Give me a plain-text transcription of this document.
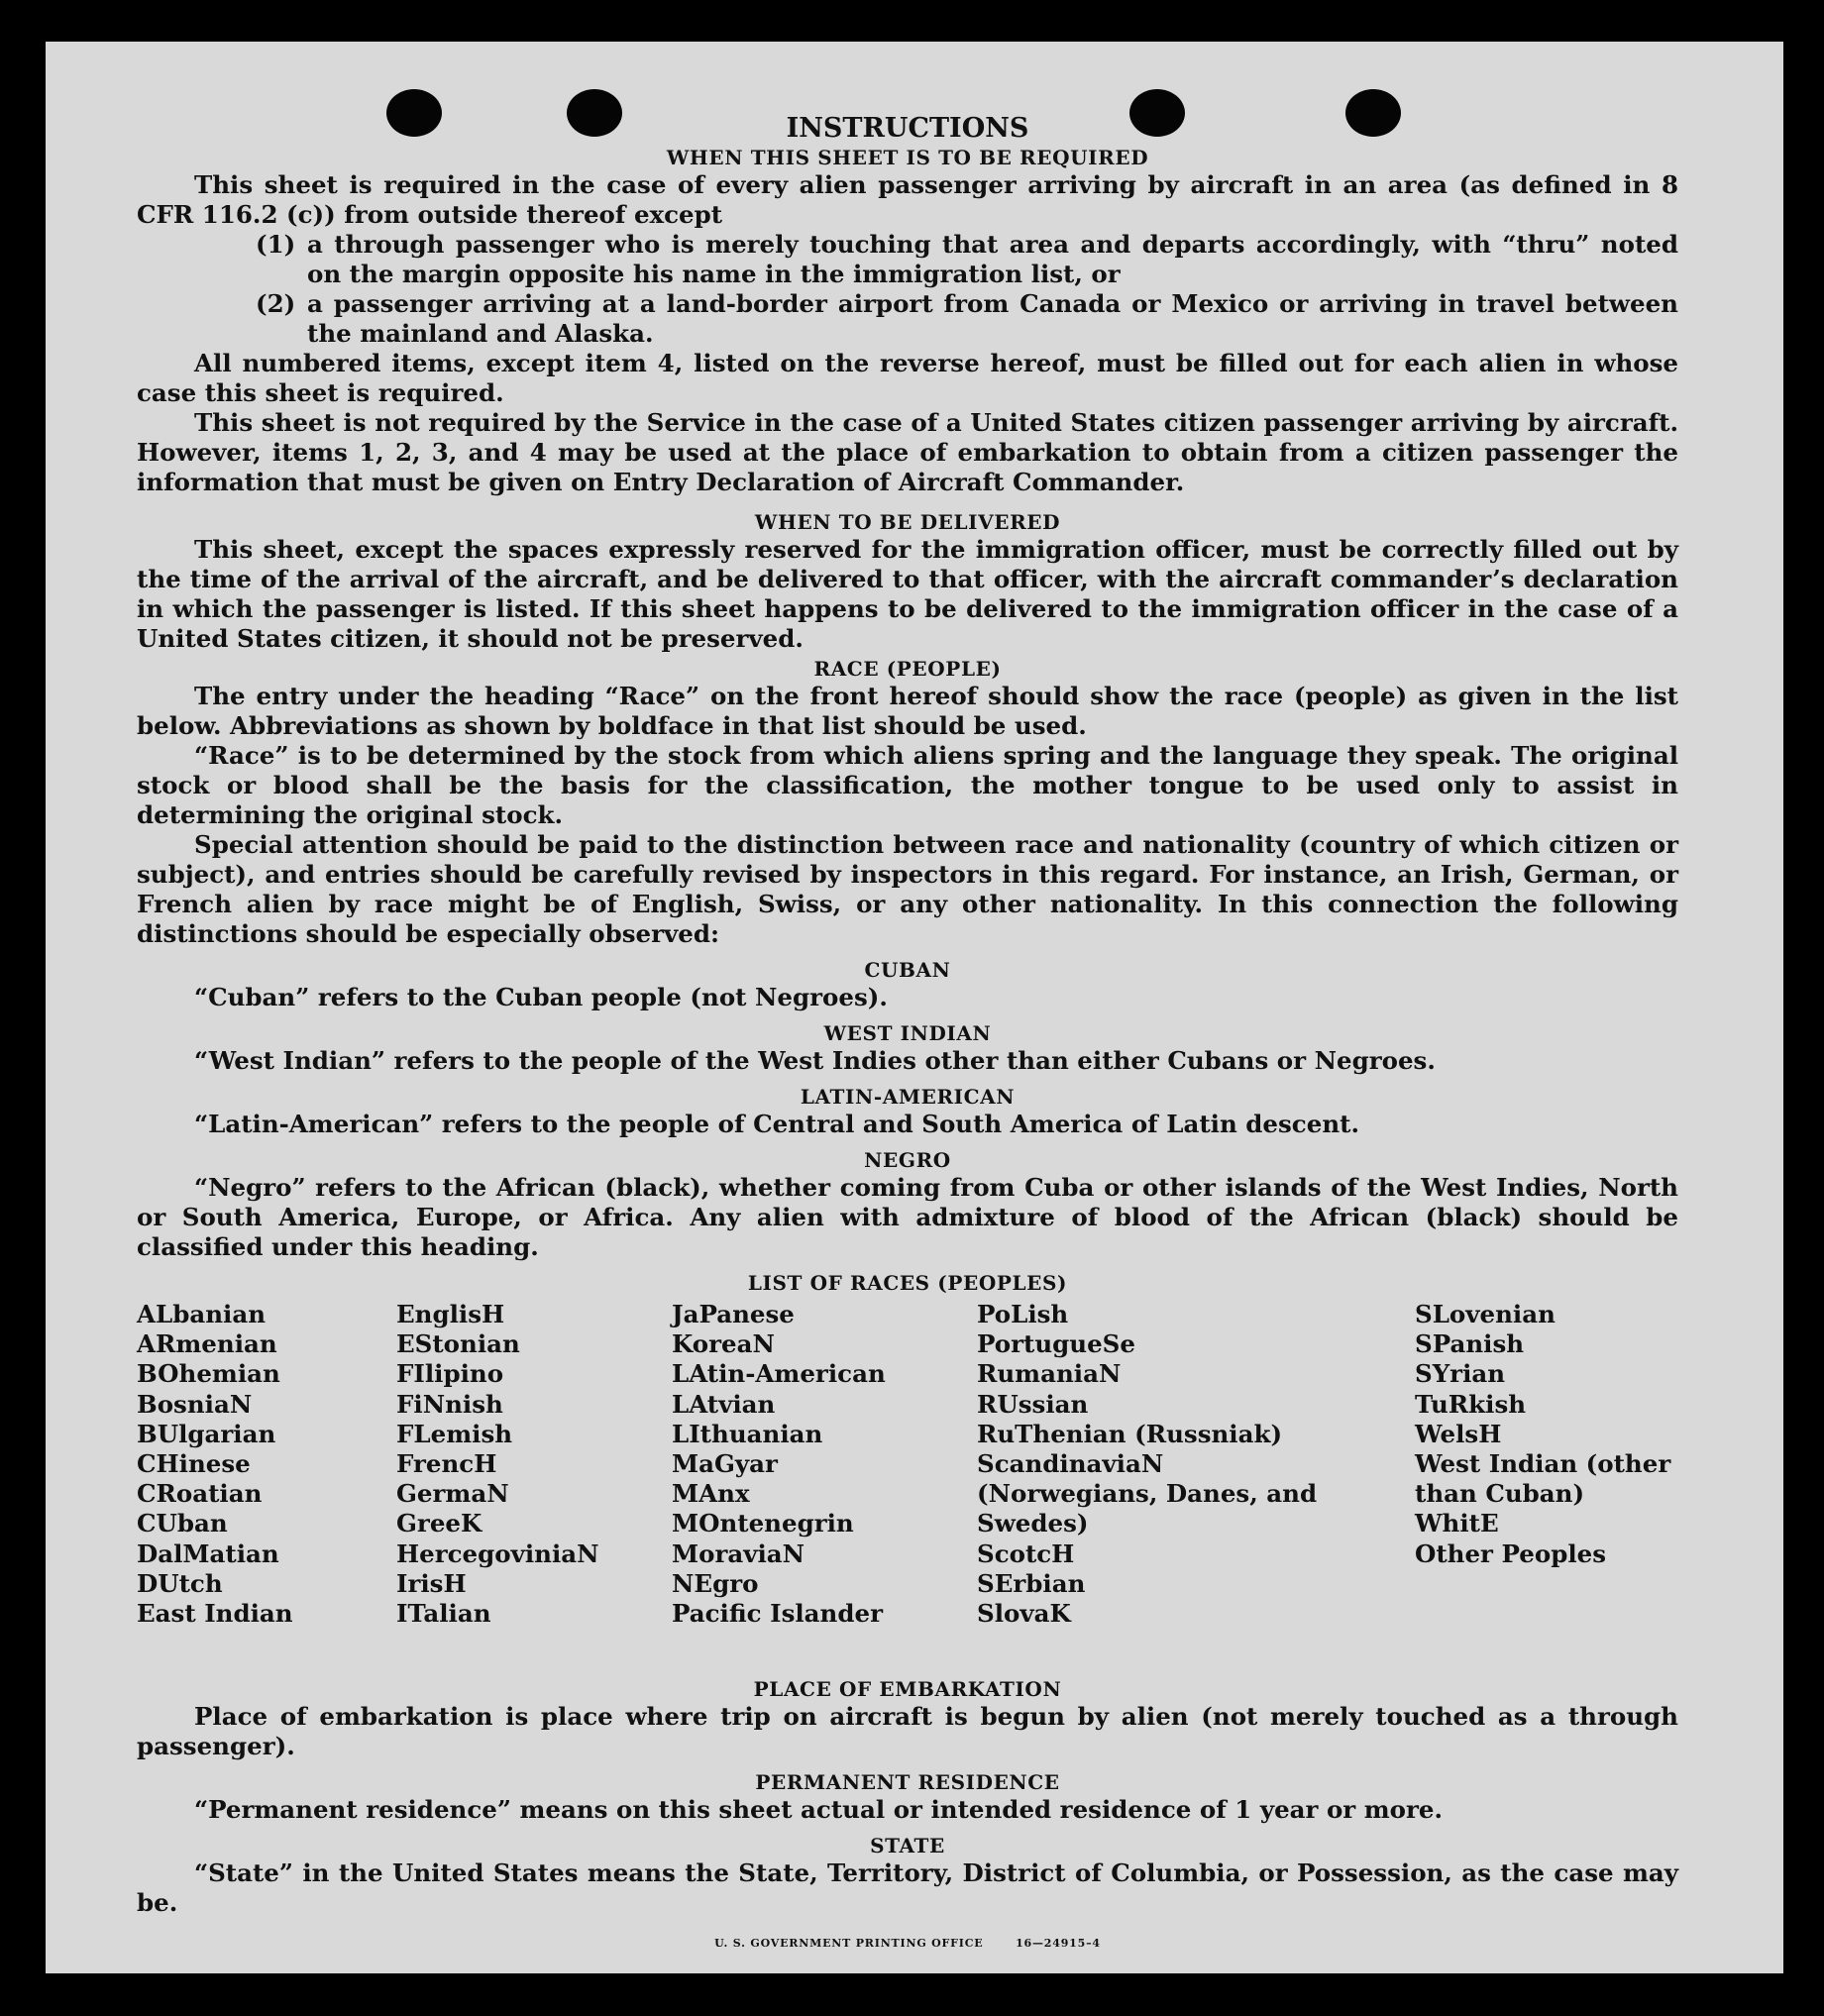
INSTRUCTIONS
WHEN THIS SHEET IS TO BE REQUIRED

This sheet is required in the case of every alien passenger arriving by aircraft in an area (as defined in 8 CFR 116.2 (c)) from outside thereof except

(1) a through passenger who is merely touching that area and departs accordingly, with “thru” noted on the margin opposite his name in the immigration list, or
(2) a passenger arriving at a land-border airport from Canada or Mexico or arriving in travel between the mainland and Alaska.

All numbered items, except item 4, listed on the reverse hereof, must be filled out for each alien in whose case this sheet is required.

This sheet is not required by the Service in the case of a United States citizen passenger arriving by aircraft. However, items 1, 2, 3, and 4 may be used at the place of embarkation to obtain from a citizen passenger the information that must be given on Entry Declaration of Aircraft Commander.

WHEN TO BE DELIVERED

This sheet, except the spaces expressly reserved for the immigration officer, must be correctly filled out by the time of the arrival of the aircraft, and be delivered to that officer, with the aircraft commander’s declaration in which the passenger is listed. If this sheet happens to be delivered to the immigration officer in the case of a United States citizen, it should not be preserved.

RACE (PEOPLE)

The entry under the heading “Race” on the front hereof should show the race (people) as given in the list below. Abbreviations as shown by boldface in that list should be used.

“Race” is to be determined by the stock from which aliens spring and the language they speak. The original stock or blood shall be the basis for the classification, the mother tongue to be used only to assist in determining the original stock.

Special attention should be paid to the distinction between race and nationality (country of which citizen or subject), and entries should be carefully revised by inspectors in this regard. For instance, an Irish, German, or French alien by race might be of English, Swiss, or any other nationality. In this connection the following distinctions should be especially observed:

CUBAN

“Cuban” refers to the Cuban people (not Negroes).

WEST INDIAN

“West Indian” refers to the people of the West Indies other than either Cubans or Negroes.

LATIN-AMERICAN

“Latin-American” refers to the people of Central and South America of Latin descent.

NEGRO

“Negro” refers to the African (black), whether coming from Cuba or other islands of the West Indies, North or South America, Europe, or Africa. Any alien with admixture of blood of the African (black) should be classified under this heading.

LIST OF RACES (PEOPLES)
ALbanian
ARmenian
BOhemian
BosniaN
BUlgarian
CHinese
CRoatian
CUban
DalMatian
DUtch
East Indian
EnglisH
EStonian
FIlipino
FiNnish
FLemish
FrencH
GermaN
GreeK
HercegoviniaN
IrisH
ITalian
JaPanese
KoreaN
LAtin-American
LAtvian
LIthuanian
MaGyar
MAnx
MOntenegrin
MoraviaN
NEgro
Pacific Islander
PoLish
PortugueSe
RumaniaN
RUssian
RuThenian (Russniak)
ScandinaviaN (Norwegians, Danes, and Swedes)
ScotcH
SErbian
SlovaK
SLovenian
SPanish
SYrian
TuRkish
WelsH
West Indian (other than Cuban)
WhitE
Other Peoples
PLACE OF EMBARKATION

Place of embarkation is place where trip on aircraft is begun by alien (not merely touched as a through passenger).

PERMANENT RESIDENCE

“Permanent residence” means on this sheet actual or intended residence of 1 year or more.

STATE

“State” in the United States means the State, Territory, District of Columbia, or Possession, as the case may be.

U. S. GOVERNMENT PRINTING OFFICE	16—24915–4
